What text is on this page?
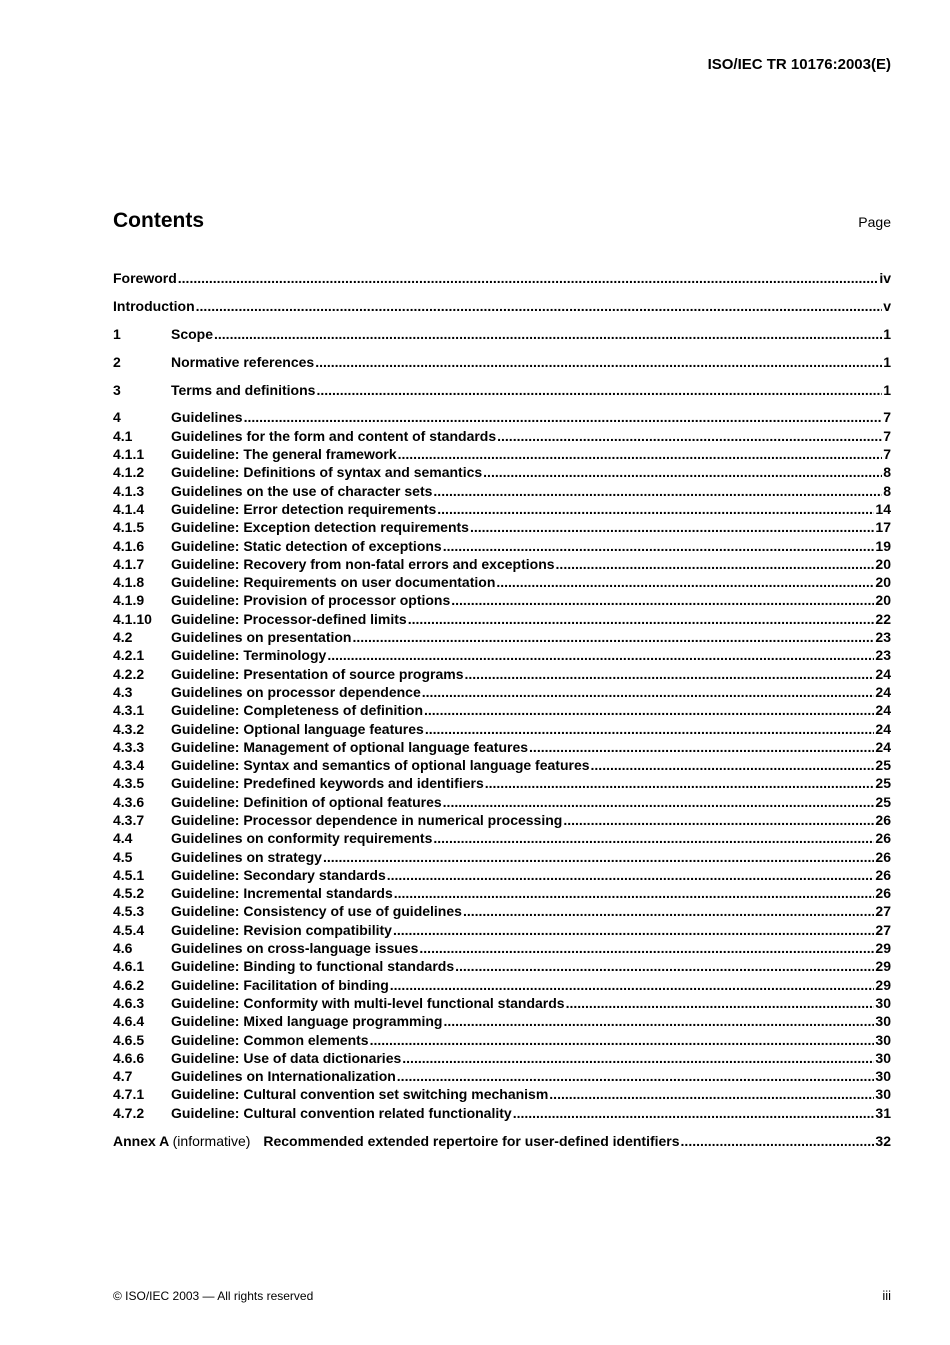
ISO/IEC TR 10176:2003(E)
Contents	Page
Foreword .....	iv
Introduction .....	v
1	Scope .....	1
2	Normative references .....	1
3	Terms and definitions .....	1
4	Guidelines .....	7
4.1	Guidelines for the form and content of standards .....	7
4.1.1	Guideline: The general framework .....	7
4.1.2	Guideline: Definitions of syntax and semantics .....	8
4.1.3	Guidelines on the use of character sets .....	8
4.1.4	Guideline: Error detection requirements .....	14
4.1.5	Guideline: Exception detection requirements .....	17
4.1.6	Guideline: Static detection of exceptions .....	19
4.1.7	Guideline: Recovery from non-fatal errors and exceptions .....	20
4.1.8	Guideline: Requirements on user documentation .....	20
4.1.9	Guideline: Provision of processor options .....	20
4.1.10	Guideline: Processor-defined limits .....	22
4.2	Guidelines on presentation .....	23
4.2.1	Guideline: Terminology .....	23
4.2.2	Guideline: Presentation of source programs .....	24
4.3	Guidelines on processor dependence .....	24
4.3.1	Guideline: Completeness of definition .....	24
4.3.2	Guideline: Optional language features .....	24
4.3.3	Guideline: Management of optional language features .....	24
4.3.4	Guideline: Syntax and semantics of optional language features .....	25
4.3.5	Guideline: Predefined keywords and identifiers .....	25
4.3.6	Guideline: Definition of optional features .....	25
4.3.7	Guideline: Processor dependence in numerical processing .....	26
4.4	Guidelines on conformity requirements .....	26
4.5	Guidelines on strategy .....	26
4.5.1	Guideline: Secondary standards .....	26
4.5.2	Guideline: Incremental standards .....	26
4.5.3	Guideline: Consistency of use of guidelines .....	27
4.5.4	Guideline: Revision compatibility .....	27
4.6	Guidelines on cross-language issues .....	29
4.6.1	Guideline: Binding to functional standards .....	29
4.6.2	Guideline: Facilitation of binding .....	29
4.6.3	Guideline: Conformity with multi-level functional standards .....	30
4.6.4	Guideline: Mixed language programming .....	30
4.6.5	Guideline: Common elements .....	30
4.6.6	Guideline: Use of data dictionaries .....	30
4.7	Guidelines on Internationalization .....	30
4.7.1	Guideline: Cultural convention set switching mechanism .....	30
4.7.2	Guideline: Cultural convention related functionality .....	31
Annex A (informative) Recommended extended repertoire for user-defined identifiers .....	32
© ISO/IEC 2003 — All rights reserved	iii
